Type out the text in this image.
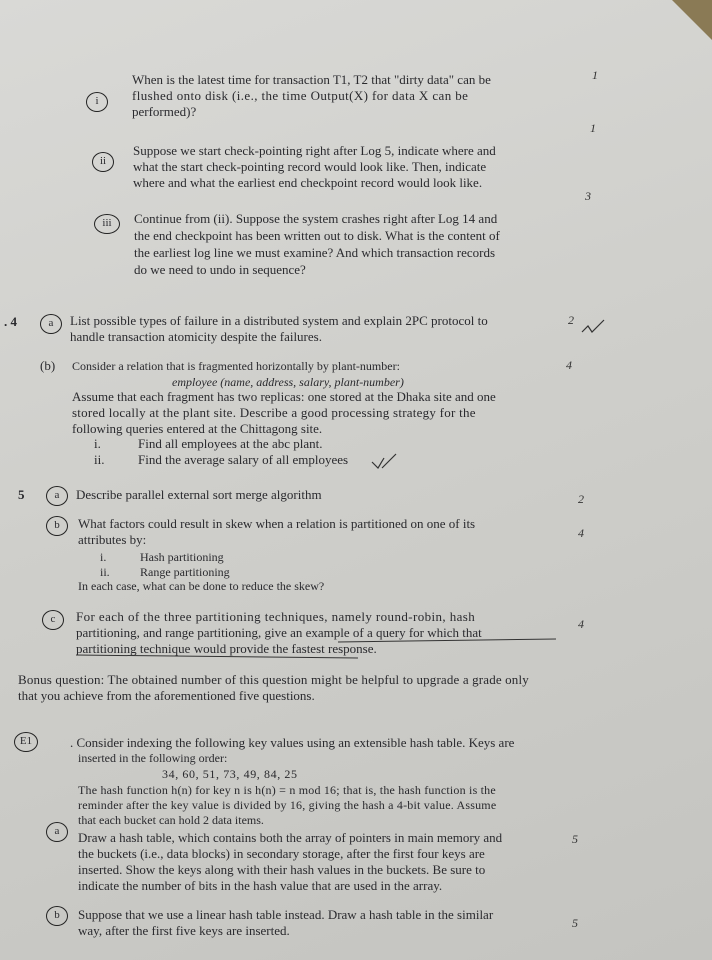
i
When is the latest time for transaction T1, T2 that "dirty data" can be
flushed onto disk (i.e., the time Output(X) for data X can be
performed)?
1
1
ii
Suppose we start check-pointing right after Log 5, indicate where and
what the start check-pointing record would look like. Then, indicate
where and what the earliest end checkpoint record would look like.
3
iii	Continue from (ii). Suppose the system crashes right after Log 14 and
the end checkpoint has been written out to disk. What is the content of
the earliest log line we must examine? And which transaction records
do we need to undo in sequence?
. 4	a	List possible types of failure in a distributed system and explain 2PC protocol to
handle transaction atomicity despite the failures.
2
(b) Consider a relation that is fragmented horizontally by plant-number:
employee (name, address, salary, plant-number)
4
Assume that each fragment has two replicas: one stored at the Dhaka site and one
stored locally at the plant site. Describe a good processing strategy for the
following queries entered at the Chittagong site.
i.	Find all employees at the abc plant.
ii.	Find the average salary of all employees
5	a	Describe parallel external sort merge algorithm	2
b	What factors could result in skew when a relation is partitioned on one of its
attributes by:	4
i.	Hash partitioning
ii.	Range partitioning
In each case, what can be done to reduce the skew?
c	For each of the three partitioning techniques, namely round-robin, hash
partitioning, and range partitioning, give an example of a query for which that
partitioning technique would provide the fastest response.
4
Bonus question: The obtained number of this question might be helpful to upgrade a grade only
that you achieve from the aforementioned five questions.
E1	. Consider indexing the following key values using an extensible hash table. Keys are
inserted in the following order:
34, 60, 51, 73, 49, 84, 25
The hash function h(n) for key n is h(n) = n mod 16; that is, the hash function is the
reminder after the key value is divided by 16, giving the hash a 4-bit value. Assume
that each bucket can hold 2 data items.
a	Draw a hash table, which contains both the array of pointers in main memory and
the buckets (i.e., data blocks) in secondary storage, after the first four keys are
inserted. Show the keys along with their hash values in the buckets. Be sure to
indicate the number of bits in the hash value that are used in the array.
5
b	Suppose that we use a linear hash table instead. Draw a hash table in the similar
way, after the first five keys are inserted.	5
